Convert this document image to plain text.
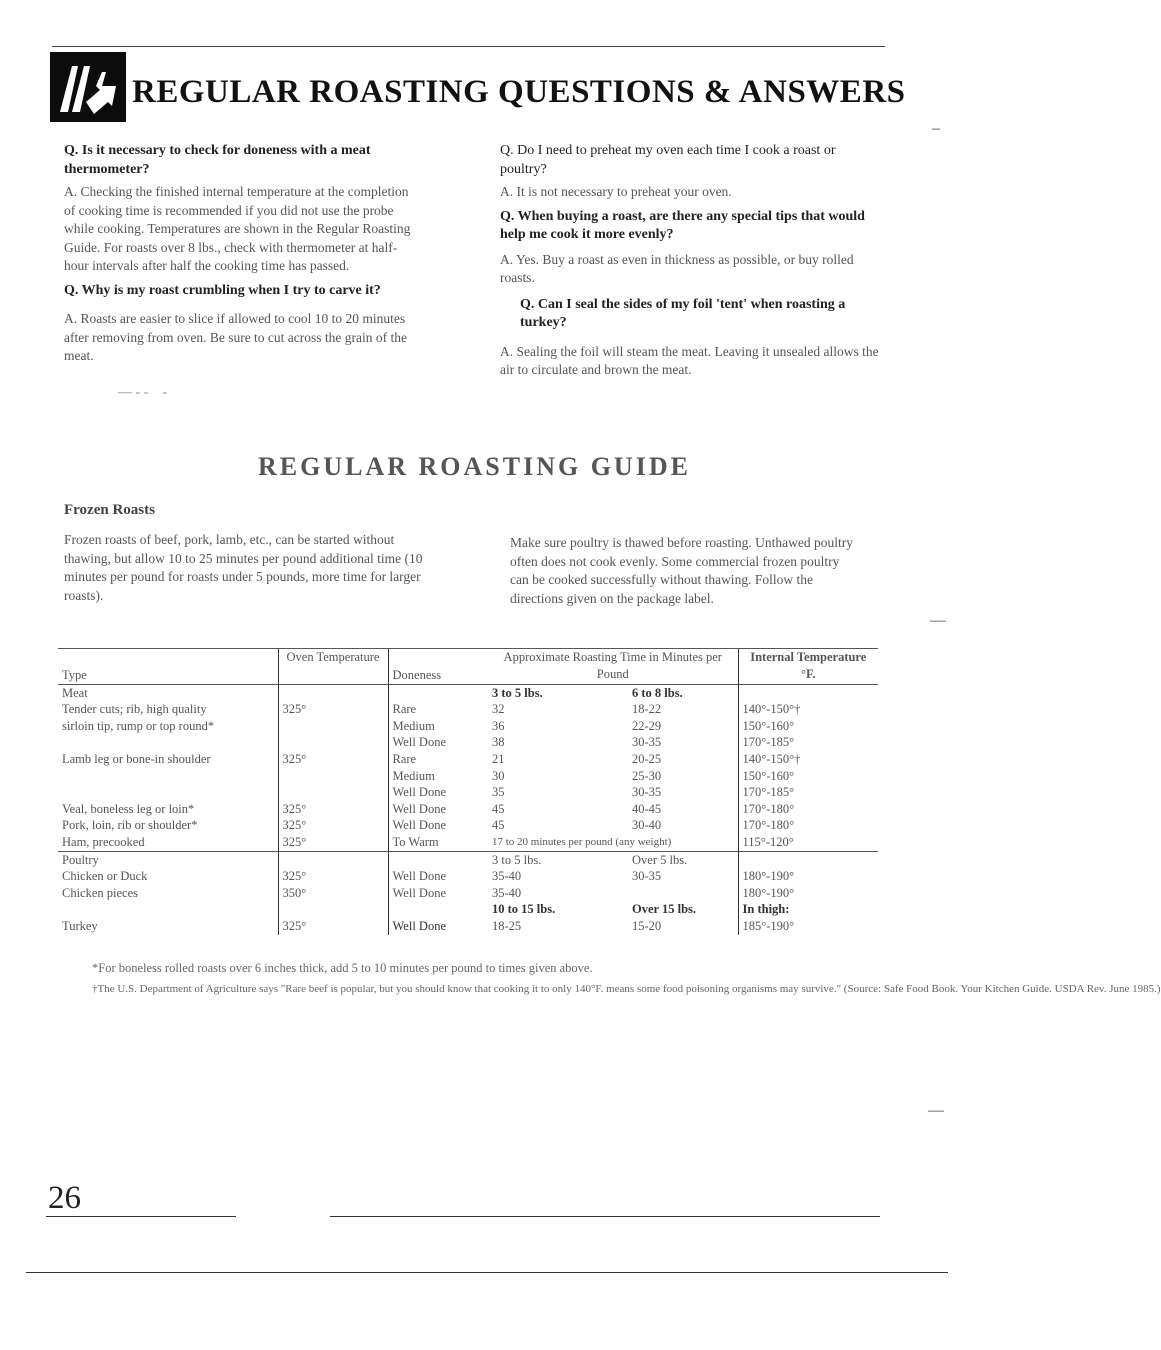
REGULAR ROASTING QUESTIONS & ANSWERS
Q. Is it necessary to check for doneness with a meat thermometer?
A. Checking the finished internal temperature at the completion of cooking time is recommended if you did not use the probe while cooking. Temperatures are shown in the Regular Roasting Guide. For roasts over 8 lbs., check with thermometer at half-hour intervals after half the cooking time has passed.
Q. Why is my roast crumbling when I try to carve it?
A. Roasts are easier to slice if allowed to cool 10 to 20 minutes after removing from oven. Be sure to cut across the grain of the meat.
— - -    -
Q. Do I need to preheat my oven each time I cook a roast or poultry?
A. It is not necessary to preheat your oven.
Q. When buying a roast, are there any special tips that would help me cook it more evenly?
A. Yes. Buy a roast as even in thickness as possible, or buy rolled roasts.
Q. Can I seal the sides of my foil 'tent' when roasting a turkey?
A. Sealing the foil will steam the meat. Leaving it unsealed allows the air to circulate and brown the meat.
REGULAR ROASTING GUIDE
Frozen Roasts
Frozen roasts of beef, pork, lamb, etc., can be started without thawing, but allow 10 to 25 minutes per pound additional time (10 minutes per pound for roasts under 5 pounds, more time for larger roasts).
Make sure poultry is thawed before roasting. Unthawed poultry often does not cook evenly. Some commercial frozen poultry can be cooked successfully without thawing. Follow the directions given on the package label.
Type	Oven Temperature	Doneness	Approximate Roasting Time in Minutes per Pound		Internal Temperature °F.
Meat			3 to 5 lbs.	6 to 8 lbs.	
Tender cuts; rib, high quality	325°	Rare	32	18-22	140°-150°†
sirloin tip, rump or top round*		Medium	36	22-29	150°-160°
		Well Done	38	30-35	170°-185°
Lamb leg or bone-in shoulder	325°	Rare	21	20-25	140°-150°†
		Medium	30	25-30	150°-160°
		Well Done	35	30-35	170°-185°
Veal, boneless leg or loin*	325°	Well Done	45	40-45	170°-180°
Pork, loin, rib or shoulder*	325°	Well Done	45	30-40	170°-180°
Ham, precooked	325°	To Warm	17 to 20 minutes per pound (any weight)		115°-120°
Poultry			3 to 5 lbs.	Over 5 lbs.	
Chicken or Duck	325°	Well Done	35-40	30-35	180°-190°
Chicken pieces	350°	Well Done	35-40		180°-190°
			10 to 15 lbs.	Over 15 lbs.	In thigh:
Turkey	325°	Well Done	18-25	15-20	185°-190°
*For boneless rolled roasts over 6 inches thick, add 5 to 10 minutes per pound to times given above.
†The U.S. Department of Agriculture says "Rare beef is popular, but you should know that cooking it to only 140°F. means some food poisoning organisms may survive." (Source: Safe Food Book. Your Kitchen Guide. USDA Rev. June 1985.)
–
—
—
26
